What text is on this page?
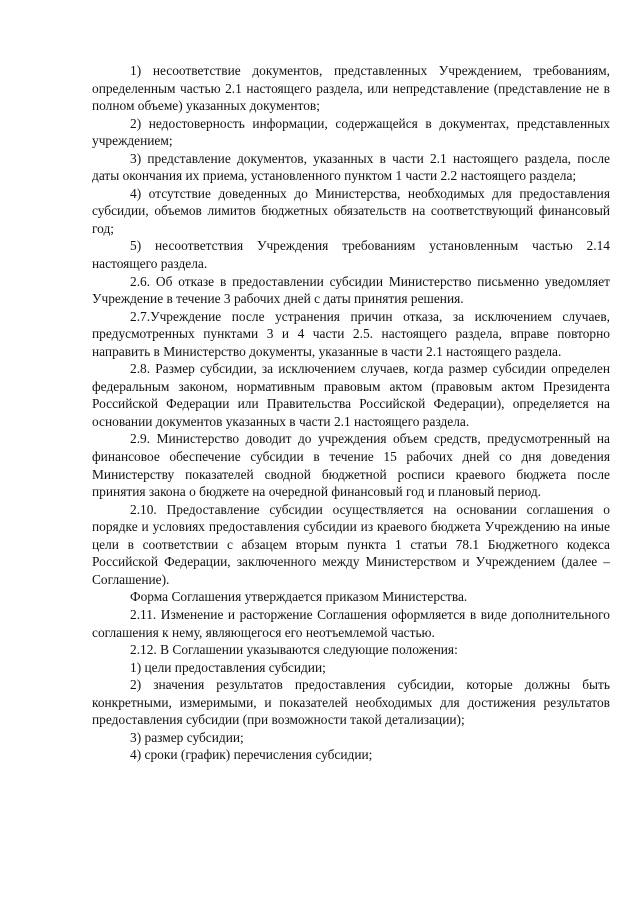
1) несоответствие документов, представленных Учреждением, требованиям, определенным частью 2.1 настоящего раздела, или непредставление (представление не в полном объеме) указанных документов;

2) недостоверность информации, содержащейся в документах, представленных учреждением;

3) представление документов, указанных в части 2.1 настоящего раздела, после даты окончания их приема, установленного пунктом 1 части 2.2 настоящего раздела;

4) отсутствие доведенных до Министерства, необходимых для предоставления субсидии, объемов лимитов бюджетных обязательств на соответствующий финансовый год;

5) несоответствия Учреждения требованиям установленным частью 2.14 настоящего раздела.

2.6. Об отказе в предоставлении субсидии Министерство письменно уведомляет Учреждение в течение 3 рабочих дней с даты принятия решения.

2.7.Учреждение после устранения причин отказа, за исключением случаев, предусмотренных пунктами 3 и 4 части 2.5. настоящего раздела, вправе повторно направить в Министерство документы, указанные в части 2.1 настоящего раздела.

2.8. Размер субсидии, за исключением случаев, когда размер субсидии определен федеральным законом, нормативным правовым актом (правовым актом Президента Российской Федерации или Правительства Российской Федерации), определяется на основании документов указанных в части 2.1 настоящего раздела.

2.9. Министерство доводит до учреждения объем средств, предусмотренный на финансовое обеспечение субсидии в течение 15 рабочих дней со дня доведения Министерству показателей сводной бюджетной росписи краевого бюджета после принятия закона о бюджете на очередной финансовый год и плановый период.

2.10. Предоставление субсидии осуществляется на основании соглашения о порядке и условиях предоставления субсидии из краевого бюджета Учреждению на иные цели в соответствии с абзацем вторым пункта 1 статьи 78.1 Бюджетного кодекса Российской Федерации, заключенного между Министерством и Учреждением (далее – Соглашение).

Форма Соглашения утверждается приказом Министерства.

2.11. Изменение и расторжение Соглашения оформляется в виде дополнительного соглашения к нему, являющегося его неотъемлемой частью.

2.12. В Соглашении указываются следующие положения:

1) цели предоставления субсидии;

2) значения результатов предоставления субсидии, которые должны быть конкретными, измеримыми, и показателей необходимых для достижения результатов предоставления субсидии (при возможности такой детализации);

3) размер субсидии;

4) сроки (график) перечисления субсидии;
